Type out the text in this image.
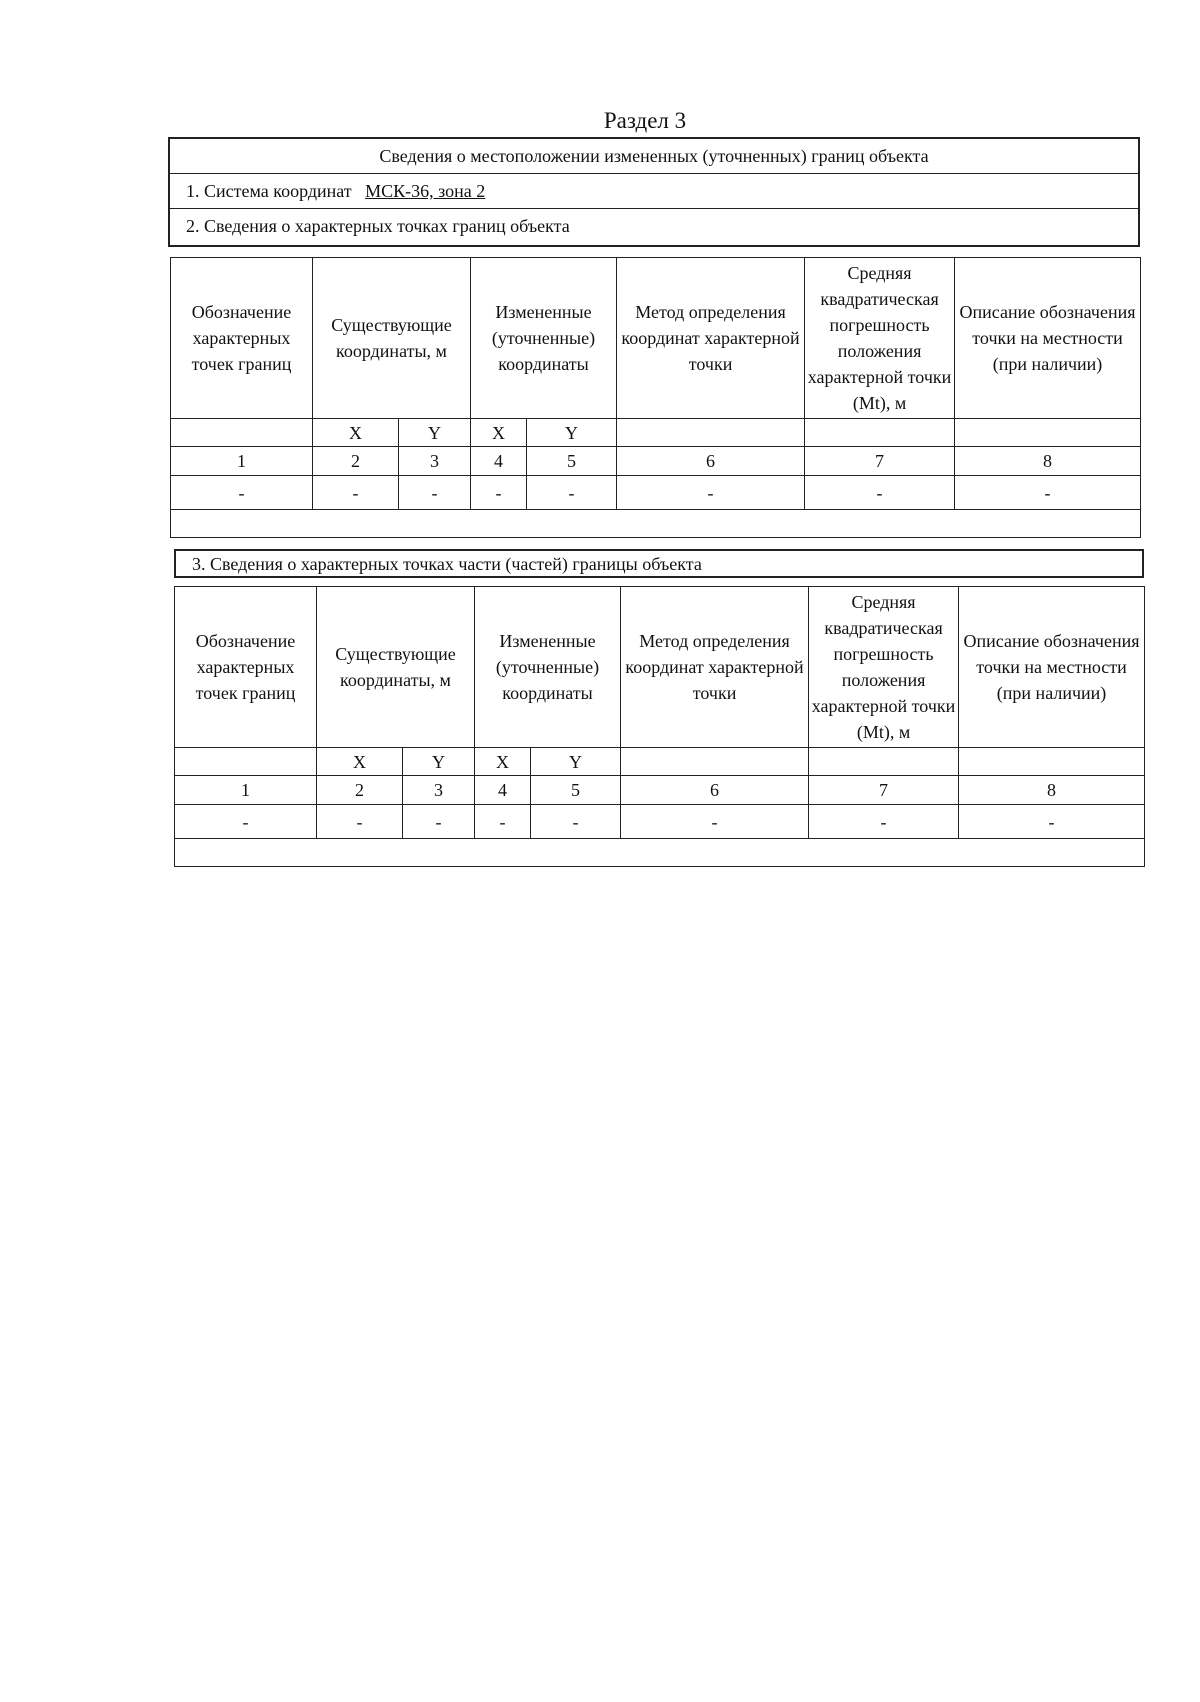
Раздел 3
Сведения о местоположении измененных (уточненных) границ объекта
1. Система координат МСК-36, зона 2
2. Сведения о характерных точках границ объекта
Обозначение характерных точек границ	Существующие координаты, м		Измененные (уточненные) координаты		Метод определения координат характерной точки	Средняя квадратическая погрешность положения характерной точки (Mt), м	Описание обозначения точки на местности (при наличии)
	X	Y	X	Y			
1	2	3	4	5	6	7	8
-	-	-	-	-	-	-	-

3. Сведения о характерных точках части (частей) границы объекта
Обозначение характерных точек границ	Существующие координаты, м		Измененные (уточненные) координаты		Метод определения координат характерной точки	Средняя квадратическая погрешность положения характерной точки (Mt), м	Описание обозначения точки на местности (при наличии)
	X	Y	X	Y			
1	2	3	4	5	6	7	8
-	-	-	-	-	-	-	-
